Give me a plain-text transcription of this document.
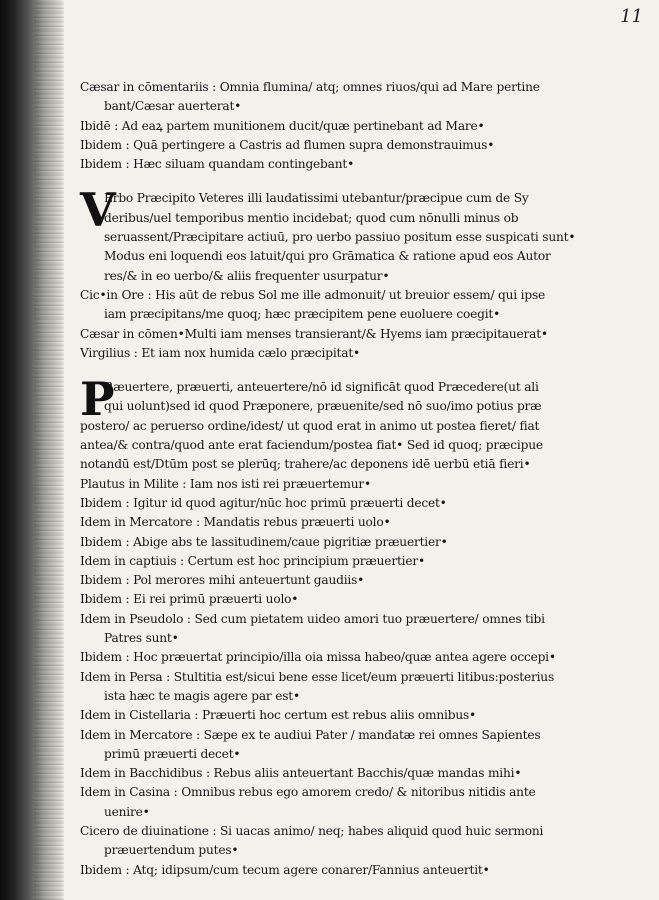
11
Cæsar in cōmentariis : Omnia flumina/ atq; omnes riuos/qui ad Mare pertine
bant/Cæsar auerterat•
Ibidē : Ad eaꝝ partem munitionem ducit/quæ pertinebant ad Mare•
Ibidem : Quā pertingere a Castris ad flumen supra demonstrauimus•
Ibidem : Hæc siluam quandam contingebant•
V
Erbo Præcipito Veteres illi laudatissimi utebantur/præcipue cum de Sy
deribus/uel temporibus mentio incidebat; quod cum nōnulli minus ob
seruassent/Præcipitare actiuū, pro uerbo passiuo positum esse suspicati sunt•
Modus eni loquendi eos latuit/qui pro Grāmatica & ratione apud eos Autor
res/& in eo uerbo/& aliis frequenter usurpatur•
Cic•in Ore : His aūt de rebus Sol me ille admonuit/ ut breuior essem/ qui ipse
iam præcipitans/me quoq; hæc præcipitem pene euoluere coegit•
Cæsar in cōmen•Multi iam menses transierant/& Hyems iam præcipitauerat•
Virgilius : Et iam nox humida cælo præcipitat•
P
Ræuertere, præuerti, anteuertere/nō id significāt quod Præcedere(ut ali
qui uolunt)sed id quod Præponere, præuenite/sed nō suo/imo potius præ
postero/ ac peruerso ordine/idest/ ut quod erat in animo ut postea fieret/ fiat
antea/& contra/quod ante erat faciendum/postea fiat• Sed id quoq; præcipue
notandū est/Dtūm post se plerūq; trahere/ac deponens idē uerbū etiā fieri•
Plautus in Milite : Iam nos isti rei præuertemur•
Ibidem : Igitur id quod agitur/nūc hoc primū præuerti decet•
Idem in Mercatore : Mandatis rebus præuerti uolo•
Ibidem : Abige abs te lassitudinem/caue pigritiæ præuertier•
Idem in captiuis : Certum est hoc principium præuertier•
Ibidem : Pol merores mihi anteuertunt gaudiis•
Ibidem : Ei rei primū præuerti uolo•
Idem in Pseudolo : Sed cum pietatem uideo amori tuo præuertere/ omnes tibi
Patres sunt•
Ibidem : Hoc præuertat principio/illa oia missa habeo/quæ antea agere occepi•
Idem in Persa : Stultitia est/sicui bene esse licet/eum præuerti litibus:posterius
ista hæc te magis agere par est•
Idem in Cistellaria : Præuerti hoc certum est rebus aliis omnibus•
Idem in Mercatore : Sæpe ex te audiui Pater / mandatæ rei omnes Sapientes
primū præuerti decet•
Idem in Bacchidibus : Rebus aliis anteuertant Bacchis/quæ mandas mihi•
Idem in Casina : Omnibus rebus ego amorem credo/ & nitoribus nitidis ante
uenire•
Cicero de diuinatione : Si uacas animo/ neq; habes aliquid quod huic sermoni
præuertendum putes•
Ibidem : Atq; idipsum/cum tecum agere conarer/Fannius anteuertit•
